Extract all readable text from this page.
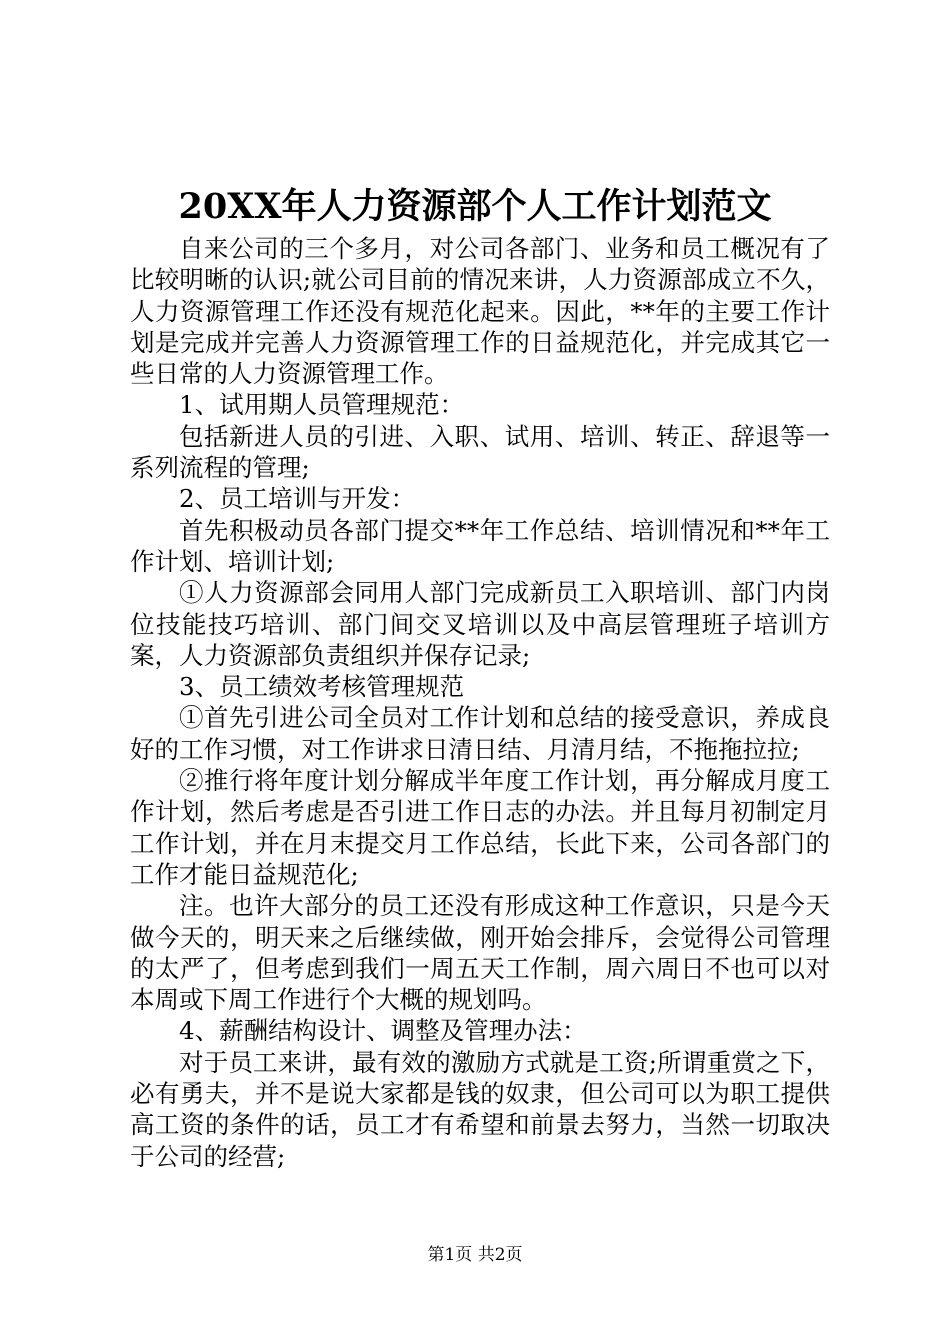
20XX年人力资源部个人工作计划范文

自来公司的三个多月，对公司各部门、业务和员工概况有了比较明晰的认识;就公司目前的情况来讲，人力资源部成立不久，人力资源管理工作还没有规范化起来。因此，**年的主要工作计划是完成并完善人力资源管理工作的日益规范化，并完成其它一些日常的人力资源管理工作。

1、试用期人员管理规范：

包括新进人员的引进、入职、试用、培训、转正、辞退等一系列流程的管理;

2、员工培训与开发：

首先积极动员各部门提交**年工作总结、培训情况和**年工作计划、培训计划;

①人力资源部会同用人部门完成新员工入职培训、部门内岗位技能技巧培训、部门间交叉培训以及中高层管理班子培训方案，人力资源部负责组织并保存记录;

3、员工绩效考核管理规范

①首先引进公司全员对工作计划和总结的接受意识，养成良好的工作习惯，对工作讲求日清日结、月清月结，不拖拖拉拉;

②推行将年度计划分解成半年度工作计划，再分解成月度工作计划，然后考虑是否引进工作日志的办法。并且每月初制定月工作计划，并在月末提交月工作总结，长此下来，公司各部门的工作才能日益规范化;

注。也许大部分的员工还没有形成这种工作意识，只是今天做今天的，明天来之后继续做，刚开始会排斥，会觉得公司管理的太严了，但考虑到我们一周五天工作制，周六周日不也可以对本周或下周工作进行个大概的规划吗。

4、薪酬结构设计、调整及管理办法：

对于员工来讲，最有效的激励方式就是工资;所谓重赏之下，必有勇夫，并不是说大家都是钱的奴隶，但公司可以为职工提供高工资的条件的话，员工才有希望和前景去努力，当然一切取决于公司的经营;

第1页 共2页
